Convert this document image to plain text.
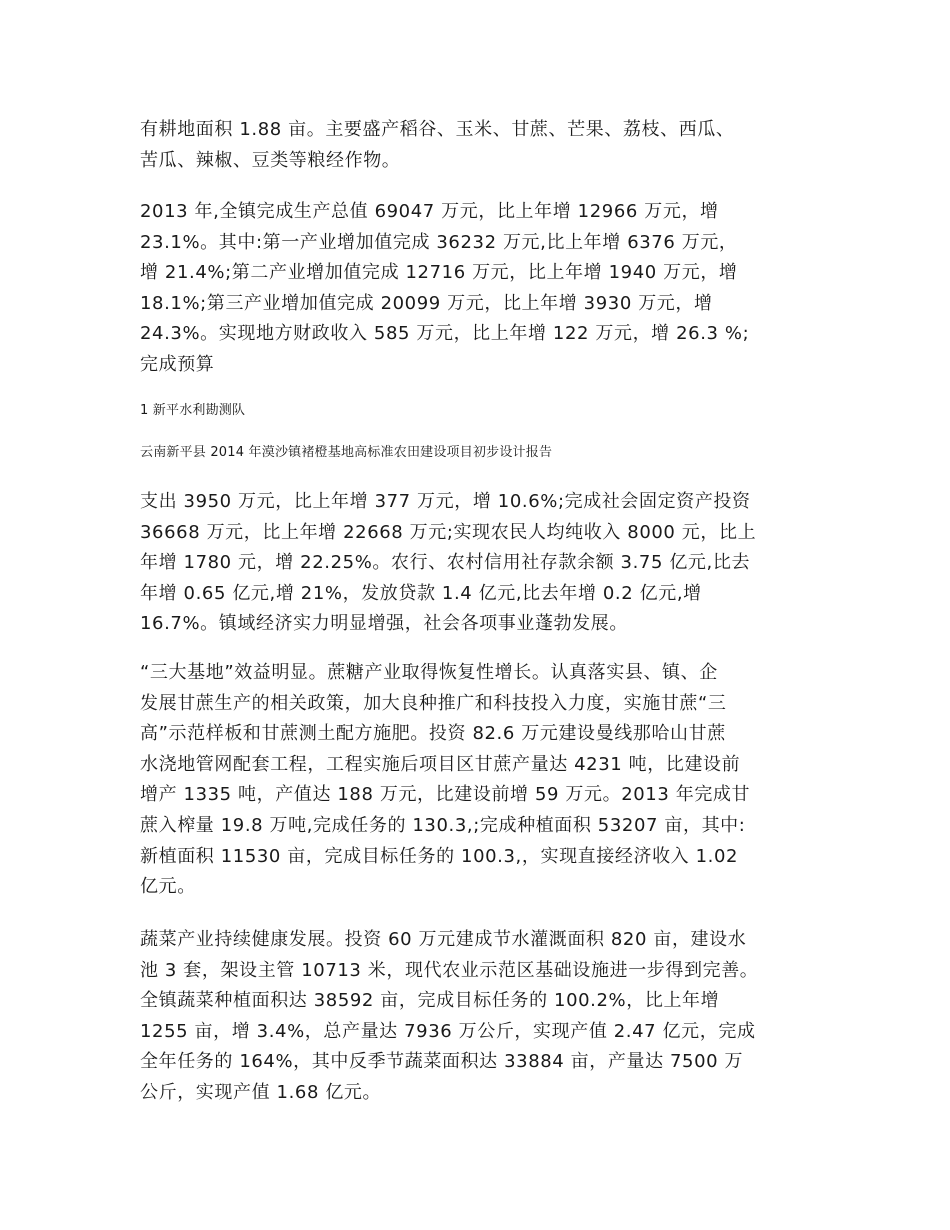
有耕地面积 1.88 亩。主要盛产稻谷、玉米、甘蔗、芒果、荔枝、西瓜、
苦瓜、辣椒、豆类等粮经作物。

2013 年,全镇完成生产总值 69047 万元，比上年增 12966 万元，增
23.1%。其中:第一产业增加值完成 36232 万元,比上年增 6376 万元，
增 21.4%;第二产业增加值完成 12716 万元，比上年增 1940 万元，增
18.1%;第三产业增加值完成 20099 万元，比上年增 3930 万元，增
24.3%。实现地方财政收入 585 万元，比上年增 122 万元，增 26.3 %;
完成预算

1 新平水利勘测队
云南新平县 2014 年漠沙镇褚橙基地高标准农田建设项目初步设计报告

支出 3950 万元，比上年增 377 万元，增 10.6%;完成社会固定资产投资
36668 万元，比上年增 22668 万元;实现农民人均纯收入 8000 元，比上
年增 1780 元，增 22.25%。农行、农村信用社存款余额 3.75 亿元,比去
年增 0.65 亿元,增 21%，发放贷款 1.4 亿元,比去年增 0.2 亿元,增
16.7%。镇域经济实力明显增强，社会各项事业蓬勃发展。

“三大基地”效益明显。蔗糖产业取得恢复性增长。认真落实县、镇、企
发展甘蔗生产的相关政策，加大良种推广和科技投入力度，实施甘蔗“三
高”示范样板和甘蔗测土配方施肥。投资 82.6 万元建设曼线那哈山甘蔗
水浇地管网配套工程，工程实施后项目区甘蔗产量达 4231 吨，比建设前
增产 1335 吨，产值达 188 万元，比建设前增 59 万元。2013 年完成甘
蔗入榨量 19.8 万吨,完成任务的 130.3,;完成种植面积 53207 亩，其中:
新植面积 11530 亩，完成目标任务的 100.3,，实现直接经济收入 1.02
亿元。

蔬菜产业持续健康发展。投资 60 万元建成节水灌溉面积 820 亩，建设水
池 3 套，架设主管 10713 米，现代农业示范区基础设施进一步得到完善。
全镇蔬菜种植面积达 38592 亩，完成目标任务的 100.2%，比上年增
1255 亩，增 3.4%，总产量达 7936 万公斤，实现产值 2.47 亿元，完成
全年任务的 164%，其中反季节蔬菜面积达 33884 亩，产量达 7500 万
公斤，实现产值 1.68 亿元。
